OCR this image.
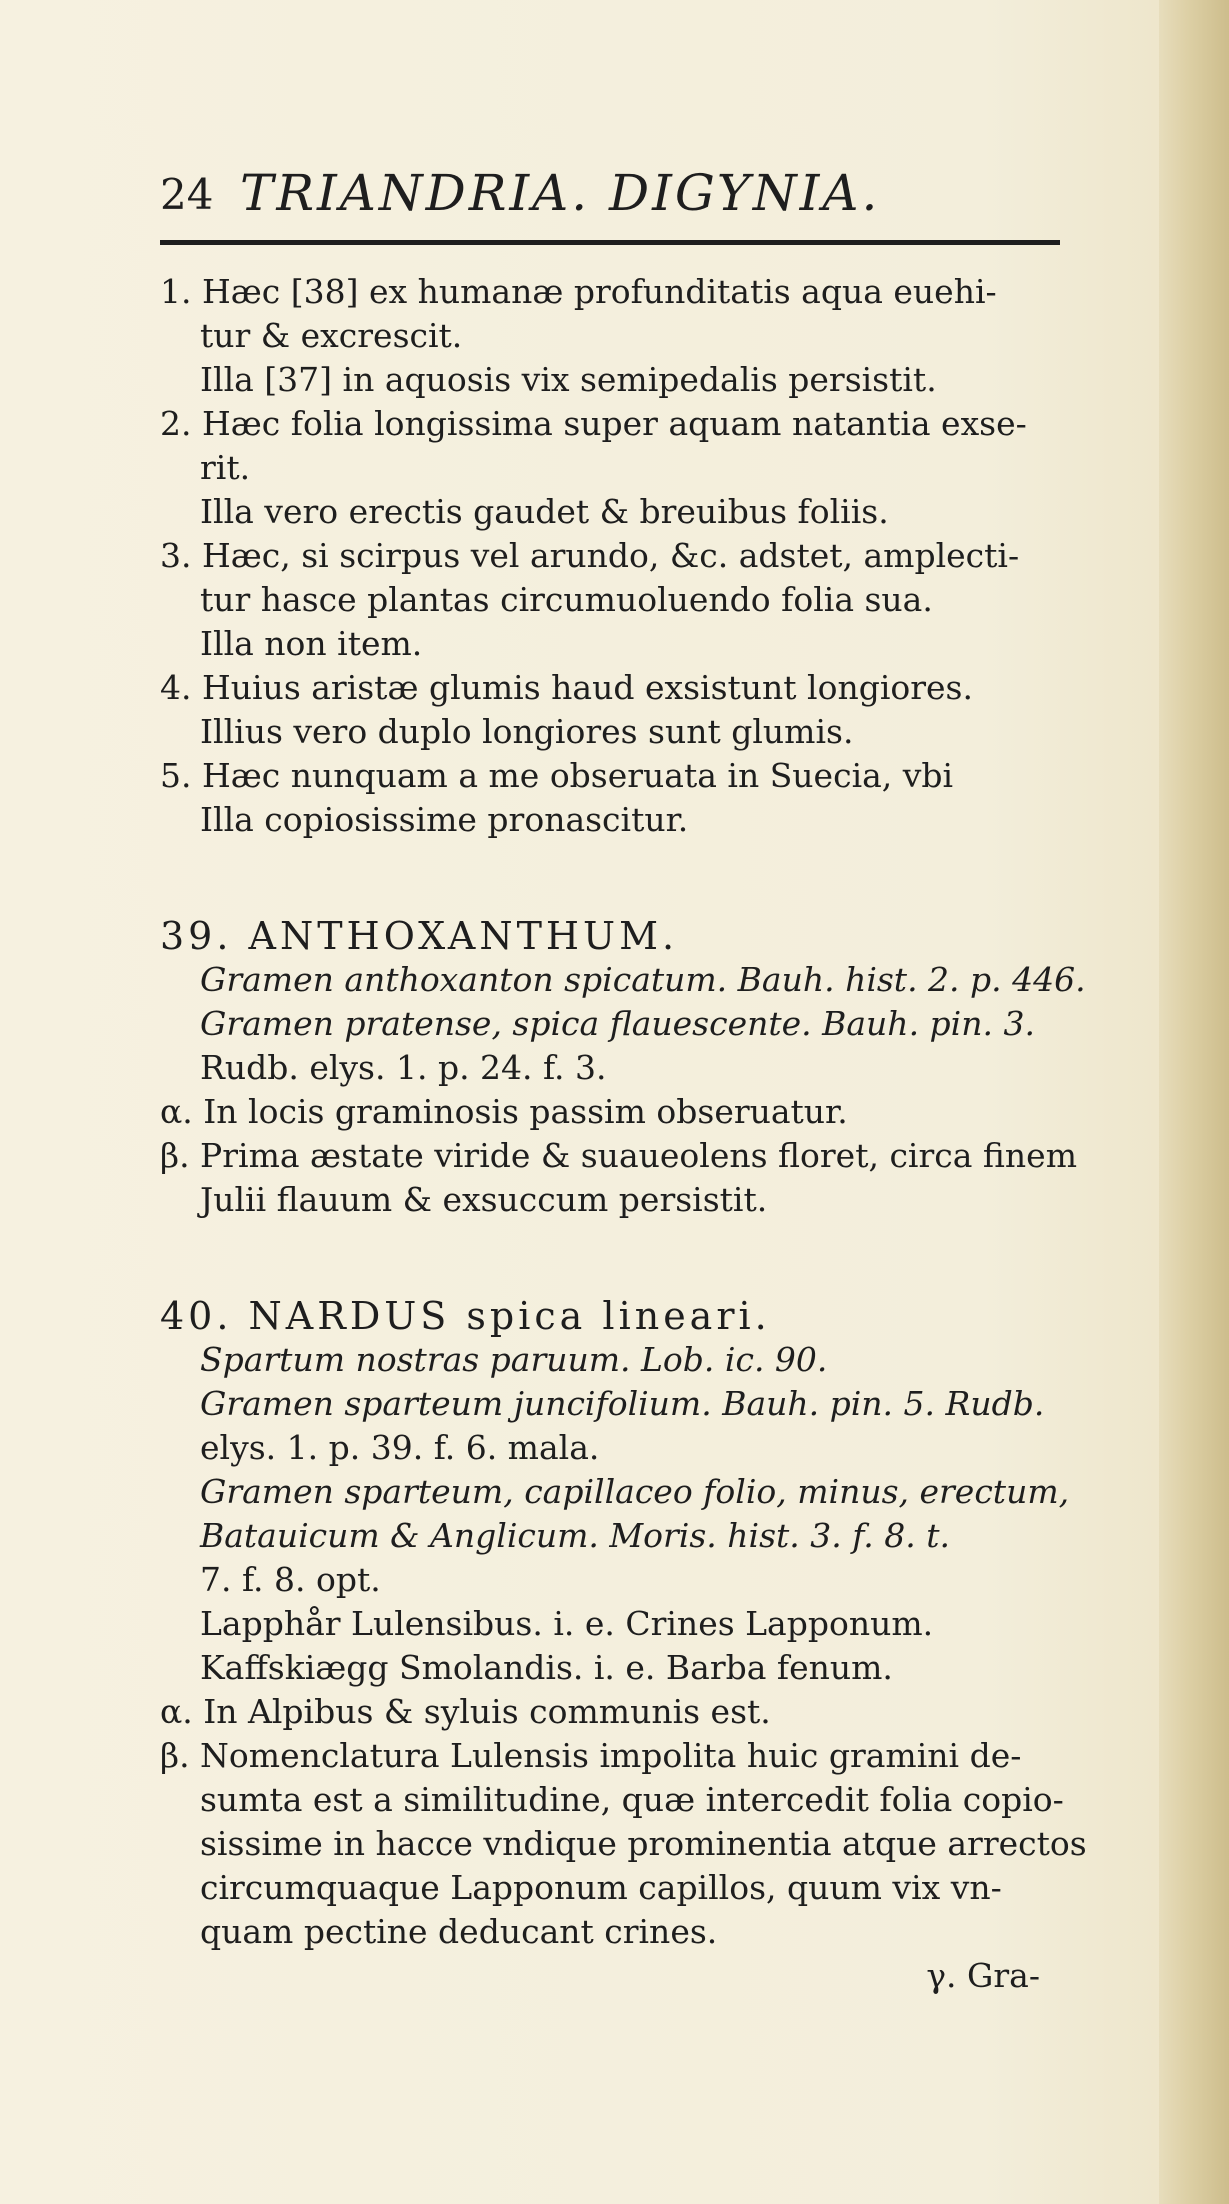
24 TRIANDRIA. DIGYNIA.
1. Hæc [38] ex humanæ profunditatis aqua euehi-
tur & excrescit.
Illa [37] in aquosis vix semipedalis persistit.
2. Hæc folia longissima super aquam natantia exse-
rit.
Illa vero erectis gaudet & breuibus foliis.
3. Hæc, si scirpus vel arundo, &c. adstet, amplecti-
tur hasce plantas circumuoluendo folia sua.
Illa non item.
4. Huius aristæ glumis haud exsistunt longiores.
Illius vero duplo longiores sunt glumis.
5. Hæc nunquam a me obseruata in Suecia, vbi
Illa copiosissime pronascitur.
39. ANTHOXANTHUM.
Gramen anthoxanton spicatum. Bauh. hist. 2. p. 446.
Gramen pratense, spica flauescente. Bauh. pin. 3.
Rudb. elys. 1. p. 24. f. 3.
α. In locis graminosis passim obseruatur.
β. Prima æstate viride & suaueolens floret, circa finem
Julii flauum & exsuccum persistit.
40. NARDUS spica lineari.
Spartum nostras paruum. Lob. ic. 90.
Gramen sparteum juncifolium. Bauh. pin. 5. Rudb.
elys. 1. p. 39. f. 6. mala.
Gramen sparteum, capillaceo folio, minus, erectum,
Batauicum & Anglicum. Moris. hist. 3. f. 8. t.
7. f. 8. opt.
Lapphår Lulensibus. i. e. Crines Lapponum.
Kaffskiægg Smolandis. i. e. Barba fenum.
α. In Alpibus & syluis communis est.
β. Nomenclatura Lulensis impolita huic gramini de-
sumta est a similitudine, quæ intercedit folia copio-
sissime in hacce vndique prominentia atque arrectos
circumquaque Lapponum capillos, quum vix vn-
quam pectine deducant crines.
γ. Gra-
